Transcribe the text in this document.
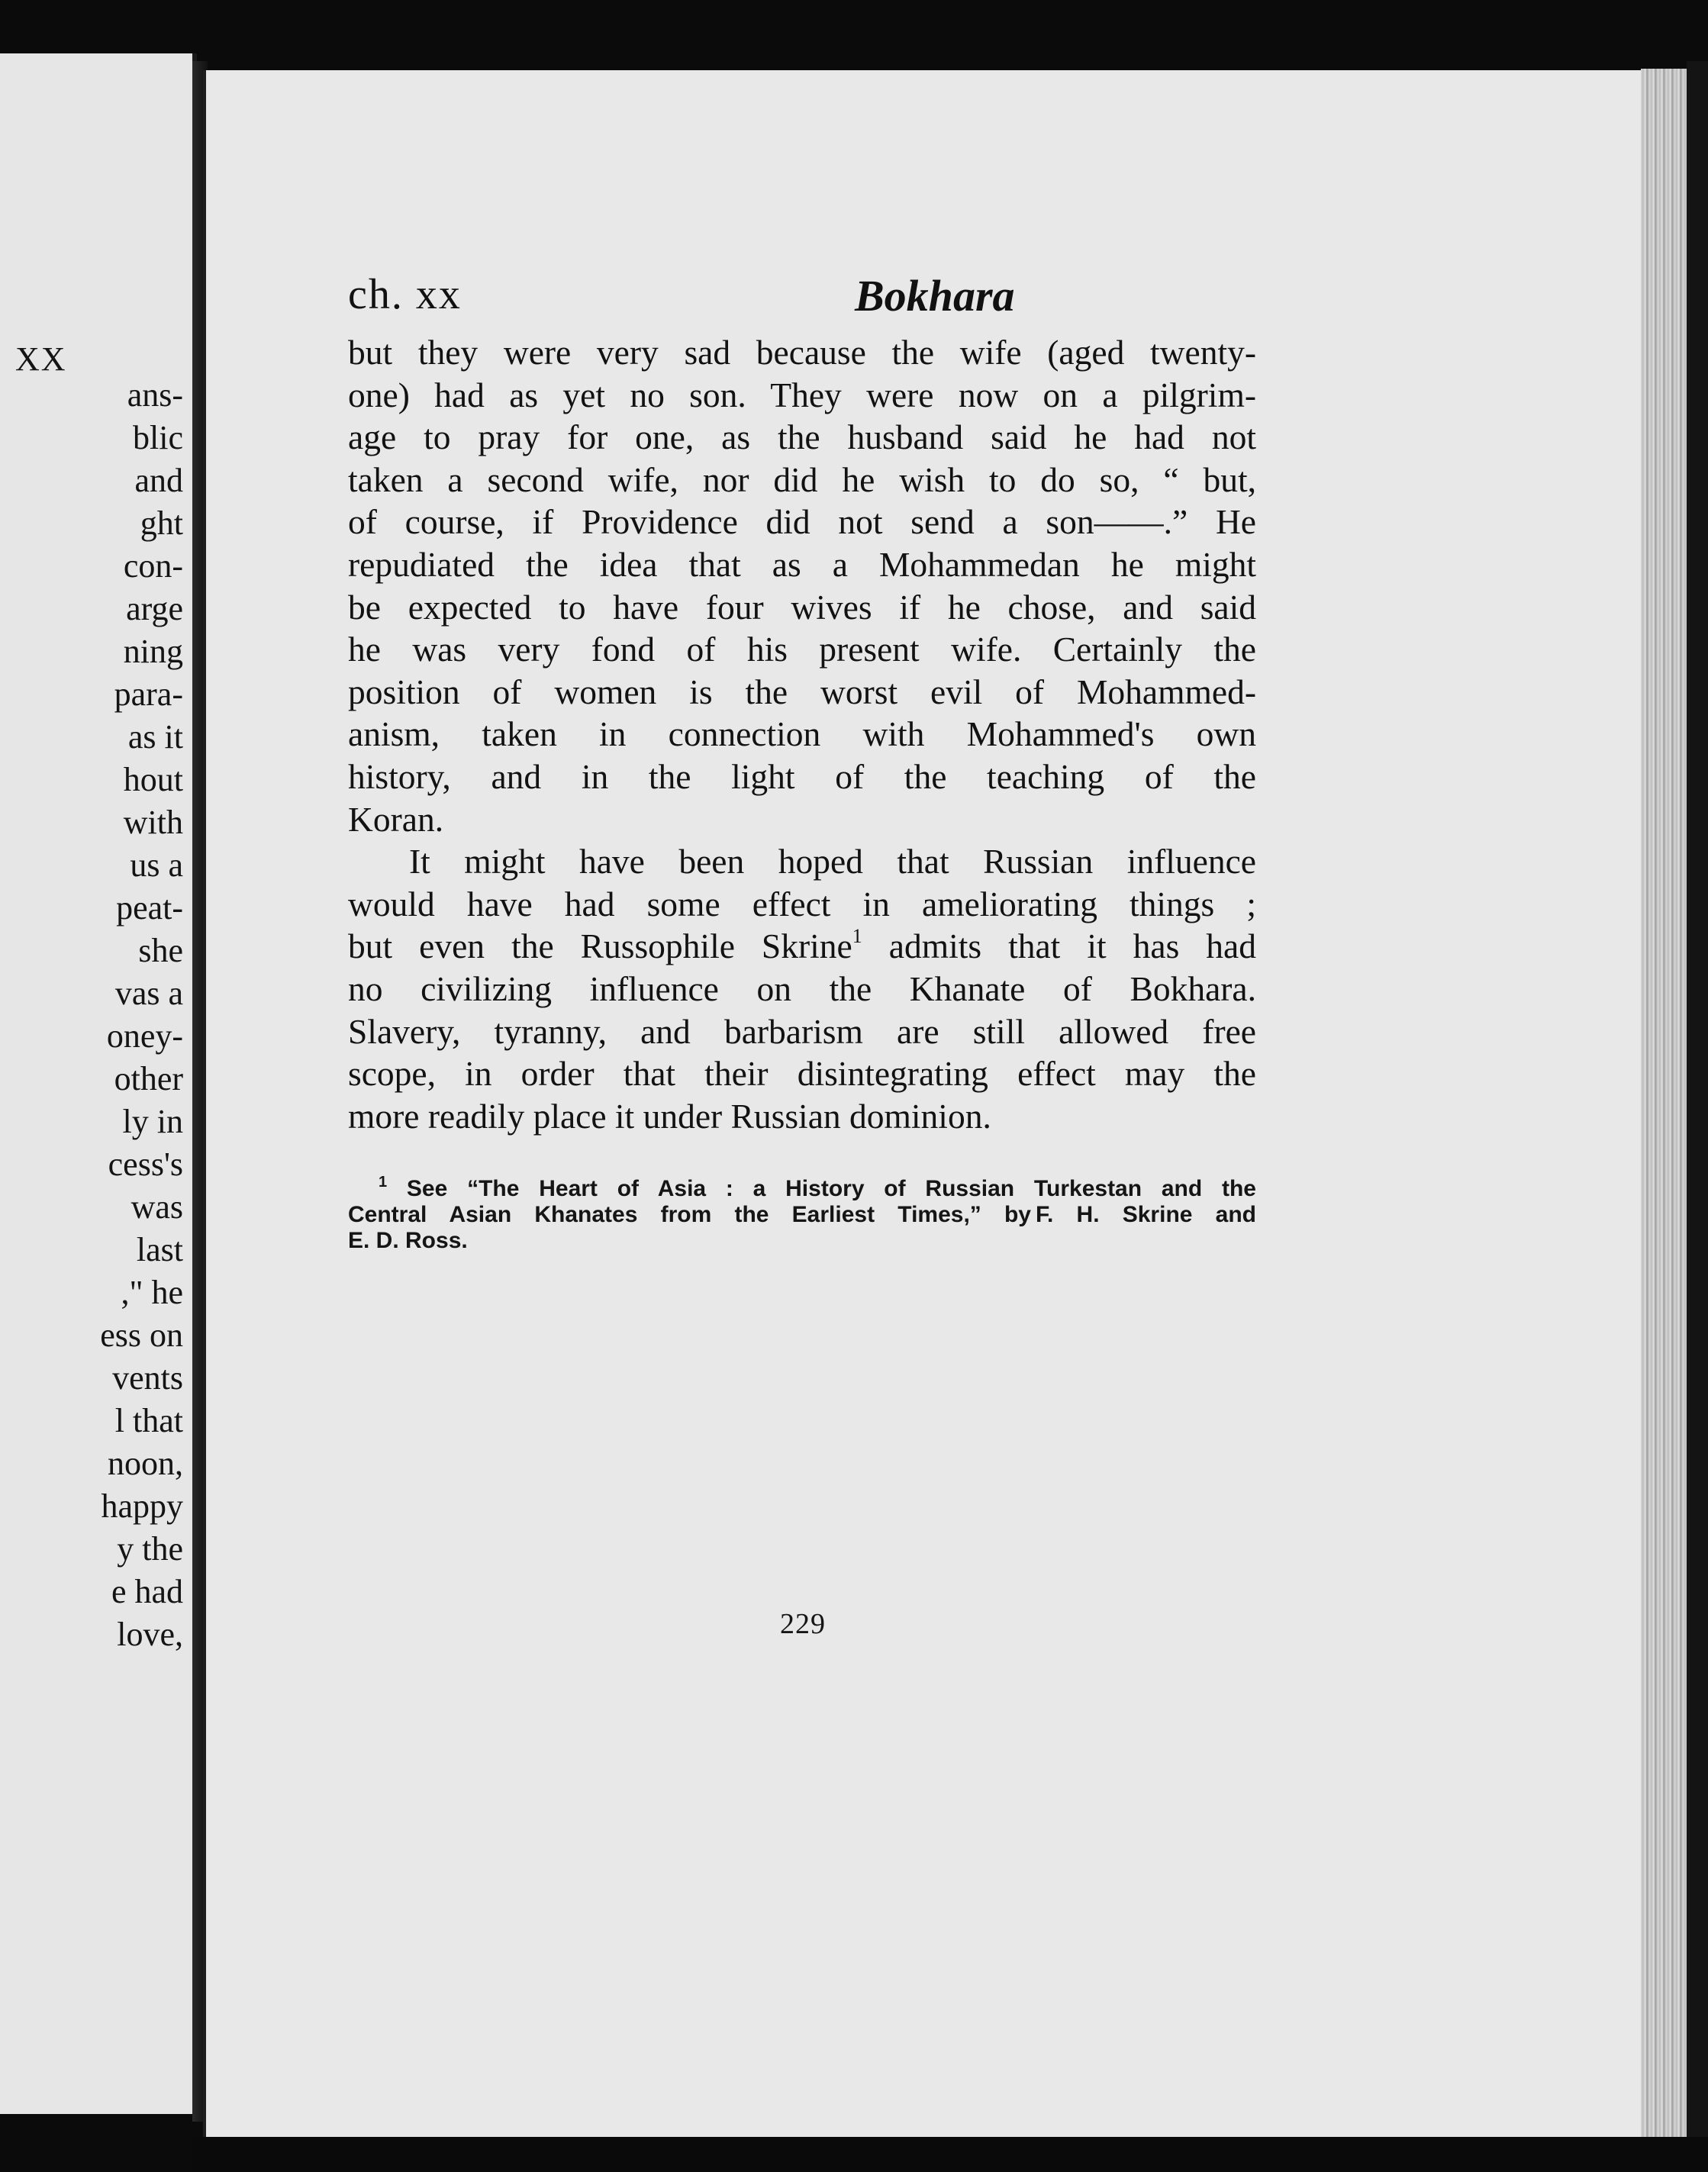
XX
ans-
blic
and
ght
con-
arge
ning
para-
as it
hout
with
us a
peat-
she
vas a
oney-
other
ly in
cess's
was
last
," he
ess on
vents
l that
noon,
happy
y the
e had
love,
ch. xx	Bokhara
but they were very sad because the wife (aged twenty-
one) had as yet no son. They were now on a pilgrim-
age to pray for one, as the husband said he had not
taken a second wife, nor did he wish to do so, “ but,
of course, if Providence did not send a son——.” He
repudiated the idea that as a Mohammedan he might
be expected to have four wives if he chose, and said
he was very fond of his present wife. Certainly the
position of women is the worst evil of Mohammed-
anism, taken in connection with Mohammed's own
history, and in the light of the teaching of the
Koran.
It might have been hoped that Russian influence
would have had some effect in ameliorating things ;
but even the Russophile Skrine$^1$ admits that it has had
no civilizing influence on the Khanate of Bokhara.
Slavery, tyranny, and barbarism are still allowed free
scope, in order that their disintegrating effect may the
more readily place it under Russian dominion.
$^1$ See “The Heart of Asia : a History of Russian Turkestan and the
Central Asian Khanates from the Earliest Times,” by F. H. Skrine and
E. D. Ross.
229
